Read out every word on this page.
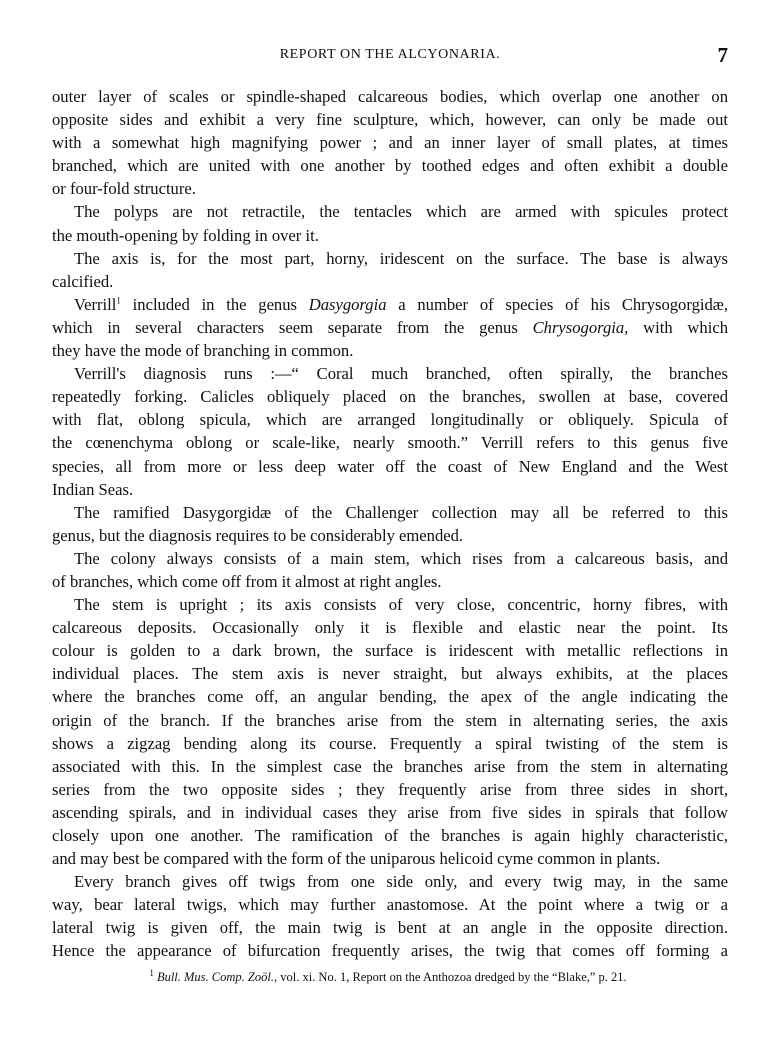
REPORT ON THE ALCYONARIA.	7
outer layer of scales or spindle-shaped calcareous bodies, which overlap one another on
opposite sides and exhibit a very fine sculpture, which, however, can only be made out
with a somewhat high magnifying power ; and an inner layer of small plates, at times
branched, which are united with one another by toothed edges and often exhibit a double
or four-fold structure.
The polyps are not retractile, the tentacles which are armed with spicules protect
the mouth-opening by folding in over it.
The axis is, for the most part, horny, iridescent on the surface. The base is always
calcified.
Verrill$^1$ included in the genus Dasygorgia a number of species of his Chrysogorgidæ,
which in several characters seem separate from the genus Chrysogorgia, with which
they have the mode of branching in common.
Verrill's diagnosis runs :—“ Coral much branched, often spirally, the branches
repeatedly forking. Calicles obliquely placed on the branches, swollen at base, covered
with flat, oblong spicula, which are arranged longitudinally or obliquely. Spicula of
the cœnenchyma oblong or scale-like, nearly smooth.” Verrill refers to this genus five
species, all from more or less deep water off the coast of New England and the West
Indian Seas.
The ramified Dasygorgidæ of the Challenger collection may all be referred to this
genus, but the diagnosis requires to be considerably emended.
The colony always consists of a main stem, which rises from a calcareous basis, and
of branches, which come off from it almost at right angles.
The stem is upright ; its axis consists of very close, concentric, horny fibres, with
calcareous deposits. Occasionally only it is flexible and elastic near the point. Its
colour is golden to a dark brown, the surface is iridescent with metallic reflections in
individual places. The stem axis is never straight, but always exhibits, at the places
where the branches come off, an angular bending, the apex of the angle indicating the
origin of the branch. If the branches arise from the stem in alternating series, the axis
shows a zigzag bending along its course. Frequently a spiral twisting of the stem is
associated with this. In the simplest case the branches arise from the stem in alternating
series from the two opposite sides ; they frequently arise from three sides in short,
ascending spirals, and in individual cases they arise from five sides in spirals that follow
closely upon one another. The ramification of the branches is again highly characteristic,
and may best be compared with the form of the uniparous helicoid cyme common in plants.
Every branch gives off twigs from one side only, and every twig may, in the same
way, bear lateral twigs, which may further anastomose. At the point where a twig or a
lateral twig is given off, the main twig is bent at an angle in the opposite direction.
Hence the appearance of bifurcation frequently arises, the twig that comes off forming a
$^1$ Bull. Mus. Comp. Zoöl., vol. xi. No. 1, Report on the Anthozoa dredged by the “Blake,” p. 21.
